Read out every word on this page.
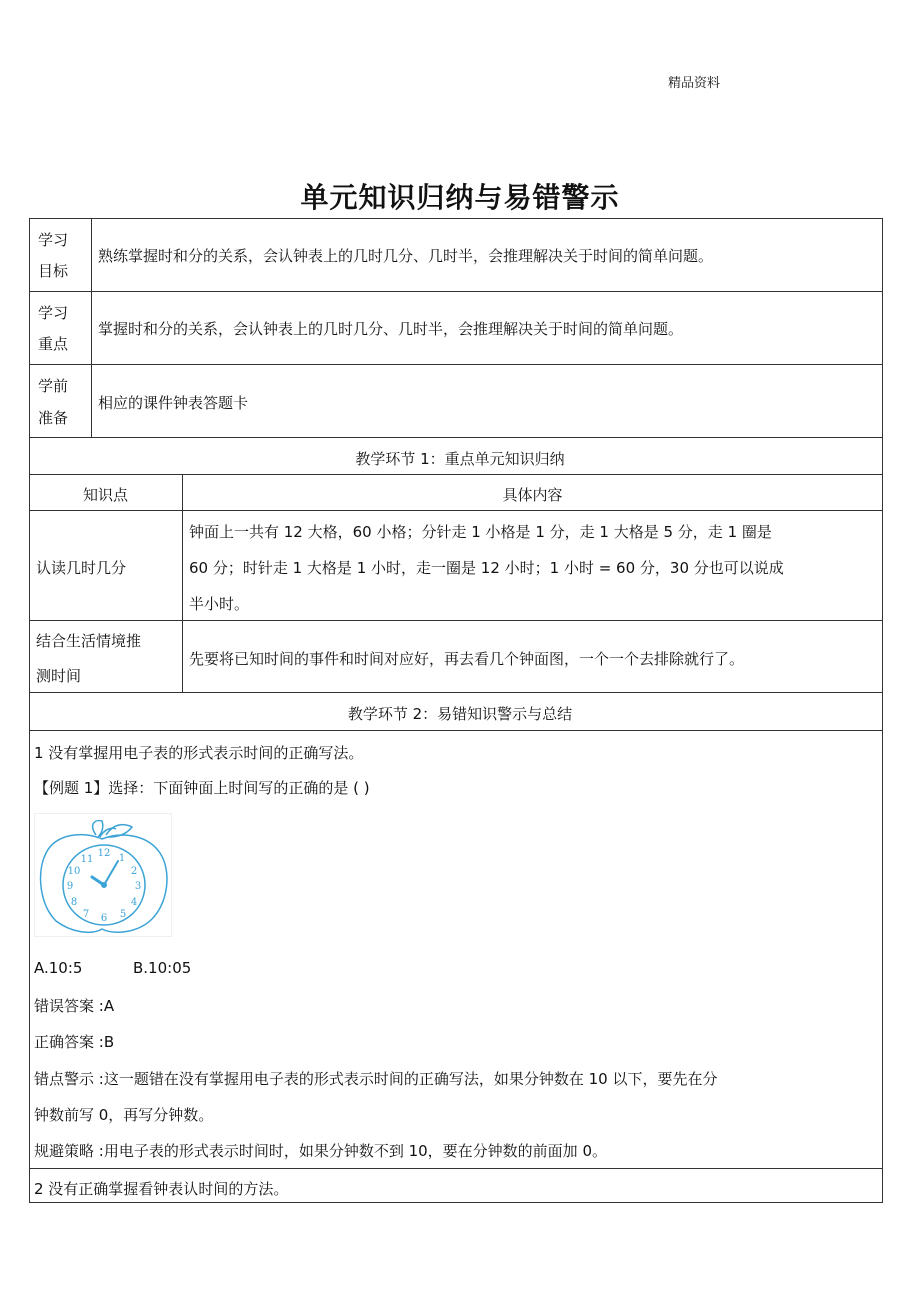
精品资料
单元知识归纳与易错警示
学习
目标
熟练掌握时和分的关系，会认钟表上的几时几分、几时半，会推理解决关于时间的简单问题。
学习
重点
掌握时和分的关系，会认钟表上的几时几分、几时半，会推理解决关于时间的简单问题。
学前
准备
相应的课件钟表答题卡
教学环节 1：重点单元知识归纳
知识点	具体内容
认读几时几分
钟面上一共有 12 大格，60 小格；分针走 1 小格是 1 分，走 1 大格是 5 分，走 1 圈是
60 分；时针走 1 大格是 1 小时，走一圈是 12 小时；1 小时 = 60 分，30 分也可以说成
半小时。
结合生活情境推
测时间
先要将已知时间的事件和时间对应好，再去看几个钟面图，一个一个去排除就行了。
教学环节 2：易错知识警示与总结
1 没有掌握用电子表的形式表示时间的正确写法。
【例题 1】选择：下面钟面上时间写的正确的是 ( )
12 1
2
3
4
5
6
7
8
9
10
11
A.10:5	B.10:05
错误答案 :A
正确答案 :B
错点警示 :这一题错在没有掌握用电子表的形式表示时间的正确写法，如果分钟数在 10 以下，要先在分
钟数前写 0，再写分钟数。
规避策略 :用电子表的形式表示时间时，如果分钟数不到 10，要在分钟数的前面加 0。
2 没有正确掌握看钟表认时间的方法。
